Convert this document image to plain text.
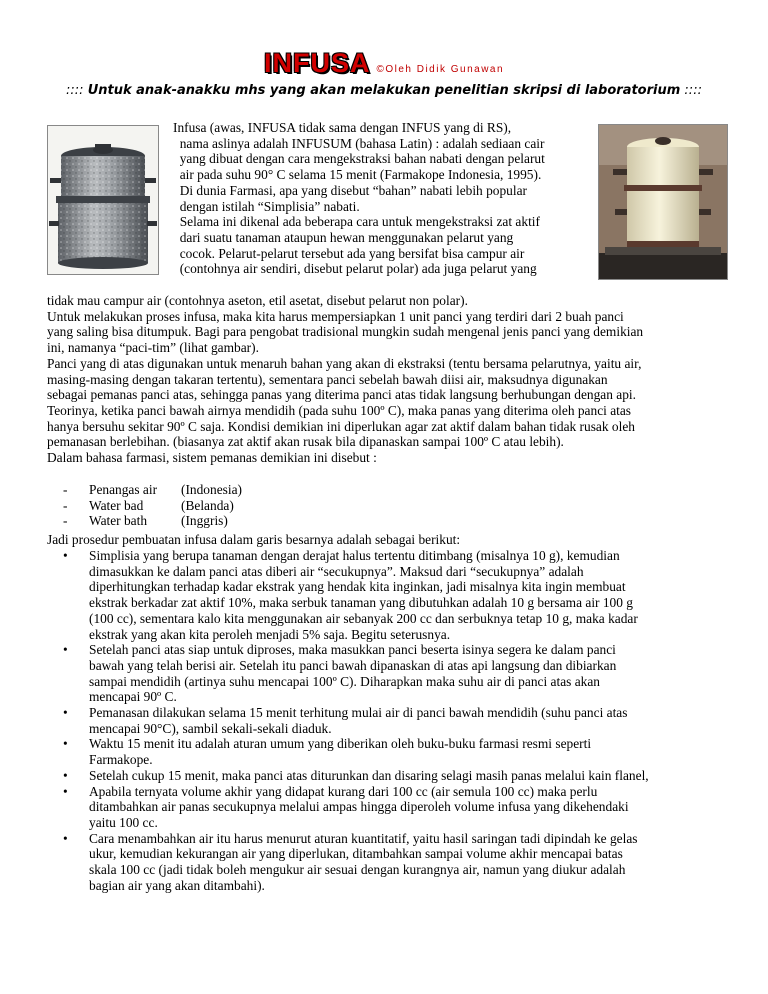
INFUSA ©Oleh Didik Gunawan
:::: Untuk anak-anakku mhs yang akan melakukan penelitian skripsi di laboratorium ::::
Infusa (awas, INFUSA tidak sama dengan INFUS yang di RS),
nama aslinya adalah INFUSUM (bahasa Latin) : adalah sediaan cair
yang dibuat dengan cara mengekstraksi bahan nabati dengan pelarut
air pada suhu 90° C selama 15 menit (Farmakope Indonesia, 1995).
Di dunia Farmasi, apa yang disebut “bahan” nabati lebih popular
dengan istilah “Simplisia” nabati.
Selama ini dikenal ada beberapa cara untuk mengekstraksi zat aktif
dari suatu tanaman ataupun hewan menggunakan pelarut yang
cocok. Pelarut-pelarut tersebut ada yang bersifat bisa campur air
(contohnya air sendiri, disebut pelarut polar) ada juga pelarut yang
tidak mau campur air (contohnya aseton, etil asetat, disebut pelarut non polar).
Untuk melakukan proses infusa, maka kita harus mempersiapkan 1 unit panci yang terdiri dari 2 buah panci
yang saling bisa ditumpuk. Bagi para pengobat tradisional mungkin sudah mengenal jenis panci yang demikian
ini, namanya “paci-tim” (lihat gambar).
Panci yang di atas digunakan untuk menaruh bahan yang akan di ekstraksi (tentu bersama pelarutnya, yaitu air,
masing-masing dengan takaran tertentu), sementara panci sebelah bawah diisi air, maksudnya digunakan
sebagai pemanas panci atas, sehingga panas yang diterima panci atas tidak langsung berhubungan dengan api.
Teorinya, ketika panci bawah airnya mendidih (pada suhu 100º C), maka panas yang diterima oleh panci atas
hanya bersuhu sekitar 90º C saja. Kondisi demikian ini diperlukan agar zat aktif dalam bahan tidak rusak oleh
pemanasan berlebihan. (biasanya zat aktif akan rusak bila dipanaskan sampai 100º C atau lebih).
Dalam bahasa farmasi, sistem pemanas demikian ini disebut :
-	Penangas air	(Indonesia)
-	Water bad	(Belanda)
-	Water bath	(Inggris)
Jadi prosedur pembuatan infusa dalam garis besarnya adalah sebagai berikut:
• Simplisia yang berupa tanaman dengan derajat halus tertentu ditimbang (misalnya 10 g), kemudian
dimasukkan ke dalam panci atas diberi air “secukupnya”. Maksud dari “secukupnya” adalah
diperhitungkan terhadap kadar ekstrak yang hendak kita inginkan, jadi misalnya kita ingin membuat
ekstrak berkadar zat aktif 10%, maka serbuk tanaman yang dibutuhkan adalah 10 g bersama air 100 g
(100 cc), sementara kalo kita menggunakan air sebanyak 200 cc dan serbuknya tetap 10 g, maka kadar
ekstrak yang akan kita peroleh menjadi 5% saja. Begitu seterusnya.
• Setelah panci atas siap untuk diproses, maka masukkan panci beserta isinya segera ke dalam panci
bawah yang telah berisi air. Setelah itu panci bawah dipanaskan di atas api langsung dan dibiarkan
sampai mendidih (artinya suhu mencapai 100º C). Diharapkan maka suhu air di panci atas akan
mencapai 90º C.
• Pemanasan dilakukan selama 15 menit terhitung mulai air di panci bawah mendidih (suhu panci atas
mencapai 90°C), sambil sekali-sekali diaduk.
• Waktu 15 menit itu adalah aturan umum yang diberikan oleh buku-buku farmasi resmi seperti
Farmakope.
• Setelah cukup 15 menit, maka panci atas diturunkan dan disaring selagi masih panas melalui kain flanel,
• Apabila ternyata volume akhir yang didapat kurang dari 100 cc (air semula 100 cc) maka perlu
ditambahkan air panas secukupnya melalui ampas hingga diperoleh volume infusa yang dikehendaki
yaitu 100 cc.
• Cara menambahkan air itu harus menurut aturan kuantitatif, yaitu hasil saringan tadi dipindah ke gelas
ukur, kemudian kekurangan air yang diperlukan, ditambahkan sampai volume akhir mencapai batas
skala 100 cc (jadi tidak boleh mengukur air sesuai dengan kurangnya air, namun yang diukur adalah
bagian air yang akan ditambahi).
